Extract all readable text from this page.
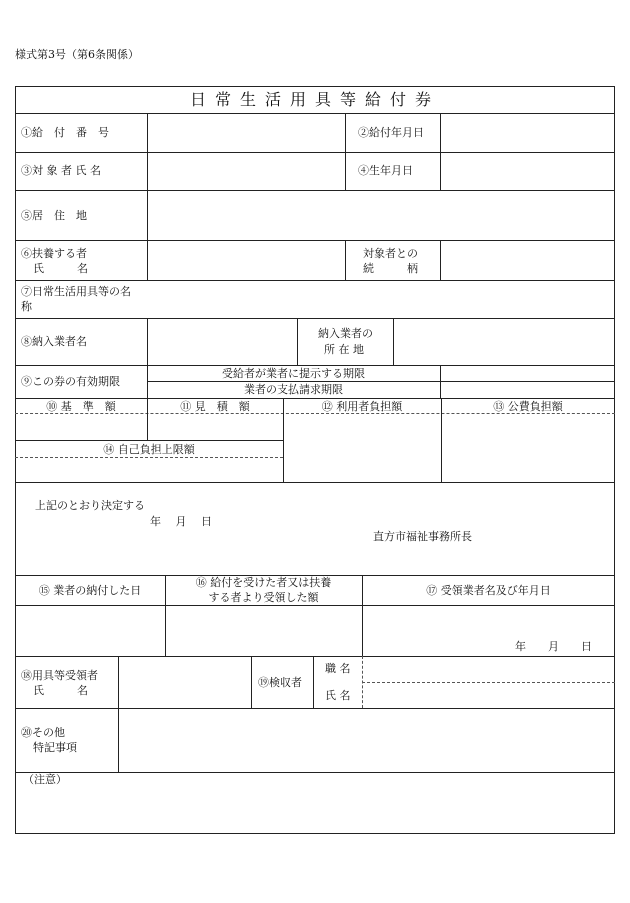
様式第3号（第6条関係）
日常生活用具等給付券
①給　付　番　号	②給付年月日
③対 象 者 氏 名	④生年月日
⑤居　住　地
⑥扶養する者
氏　　　名
対象者との
続　　　柄
⑦日常生活用具等の名
称
⑧納入業者名
納入業者の
所 在 地
⑨この券の有効期限
受給者が業者に提示する期限
業者の支払請求期限
⑩ 基　準　額	⑪ 見　積　額	⑫ 利用者負担額	⑬ 公費負担額
⑭ 自己負担上限額
上記のとおり決定する
年　 月　 日
直方市福祉事務所長
⑮ 業者の納付した日
⑯ 給付を受けた者又は扶養
する者より受領した額
⑰ 受領業者名及び年月日
年　　月　　日
⑱用具等受領者
氏　　　名
⑲検収者
職 名
氏 名
⑳その他
特記事項
（注意）
